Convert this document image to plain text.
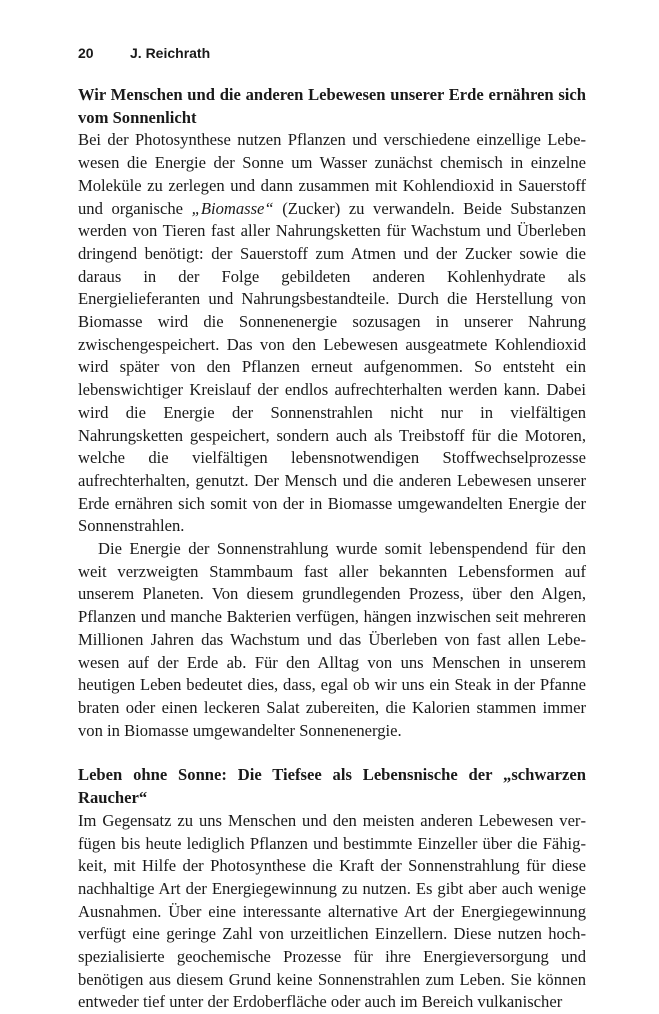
20	J. Reichrath
Wir Menschen und die anderen Lebewesen unserer Erde ernähren sich vom Sonnenlicht

Bei der Photosynthese nutzen Pflanzen und verschiedene einzellige Lebewesen die Energie der Sonne um Wasser zunächst chemisch in einzelne Moleküle zu zerlegen und dann zusammen mit Kohlendioxid in Sauerstoff und organische „Biomasse“ (Zucker) zu verwandeln. Beide Substanzen werden von Tieren fast aller Nahrungsketten für Wachstum und Überleben dringend benötigt: der Sauerstoff zum Atmen und der Zucker sowie die daraus in der Folge gebildeten anderen Kohlenhydrate als Energielieferanten und Nahrungsbestandteile. Durch die Herstellung von Biomasse wird die Sonnenenergie sozusagen in unserer Nahrung zwischengespeichert. Das von den Lebewesen ausgeatmete Kohlendioxid wird später von den Pflanzen erneut aufgenommen. So entsteht ein lebenswichtiger Kreislauf der endlos aufrechterhalten werden kann. Dabei wird die Energie der Sonnenstrahlen nicht nur in vielfältigen Nahrungsketten gespeichert, sondern auch als Treibstoff für die Motoren, welche die vielfältigen lebensnotwendigen Stoffwechselprozesse aufrechterhalten, genutzt. Der Mensch und die anderen Lebewesen unserer Erde ernähren sich somit von der in Biomasse umgewandelten Energie der Sonnenstrahlen.

Die Energie der Sonnenstrahlung wurde somit lebenspendend für den weit verzweigten Stammbaum fast aller bekannten Lebensformen auf unserem Planeten. Von diesem grundlegenden Prozess, über den Algen, Pflanzen und manche Bakterien verfügen, hängen inzwischen seit mehreren Millionen Jahren das Wachstum und das Überleben von fast allen Lebewesen auf der Erde ab. Für den Alltag von uns Menschen in unserem heutigen Leben bedeutet dies, dass, egal ob wir uns ein Steak in der Pfanne braten oder einen leckeren Salat zubereiten, die Kalorien stammen immer von in Biomasse umgewandelter Sonnenenergie.

Leben ohne Sonne: Die Tiefsee als Lebensnische der „schwarzen Raucher“

Im Gegensatz zu uns Menschen und den meisten anderen Lebewesen verfügen bis heute lediglich Pflanzen und bestimmte Einzeller über die Fähigkeit, mit Hilfe der Photosynthese die Kraft der Sonnenstrahlung für diese nachhaltige Art der Energiegewinnung zu nutzen. Es gibt aber auch wenige Ausnahmen. Über eine interessante alternative Art der Energiegewinnung verfügt eine geringe Zahl von urzeitlichen Einzellern. Diese nutzen hochspezialisierte geochemische Prozesse für ihre Energieversorgung und benötigen aus diesem Grund keine Sonnenstrahlen zum Leben. Sie können entweder tief unter der Erdoberfläche oder auch im Bereich vulkanischer
